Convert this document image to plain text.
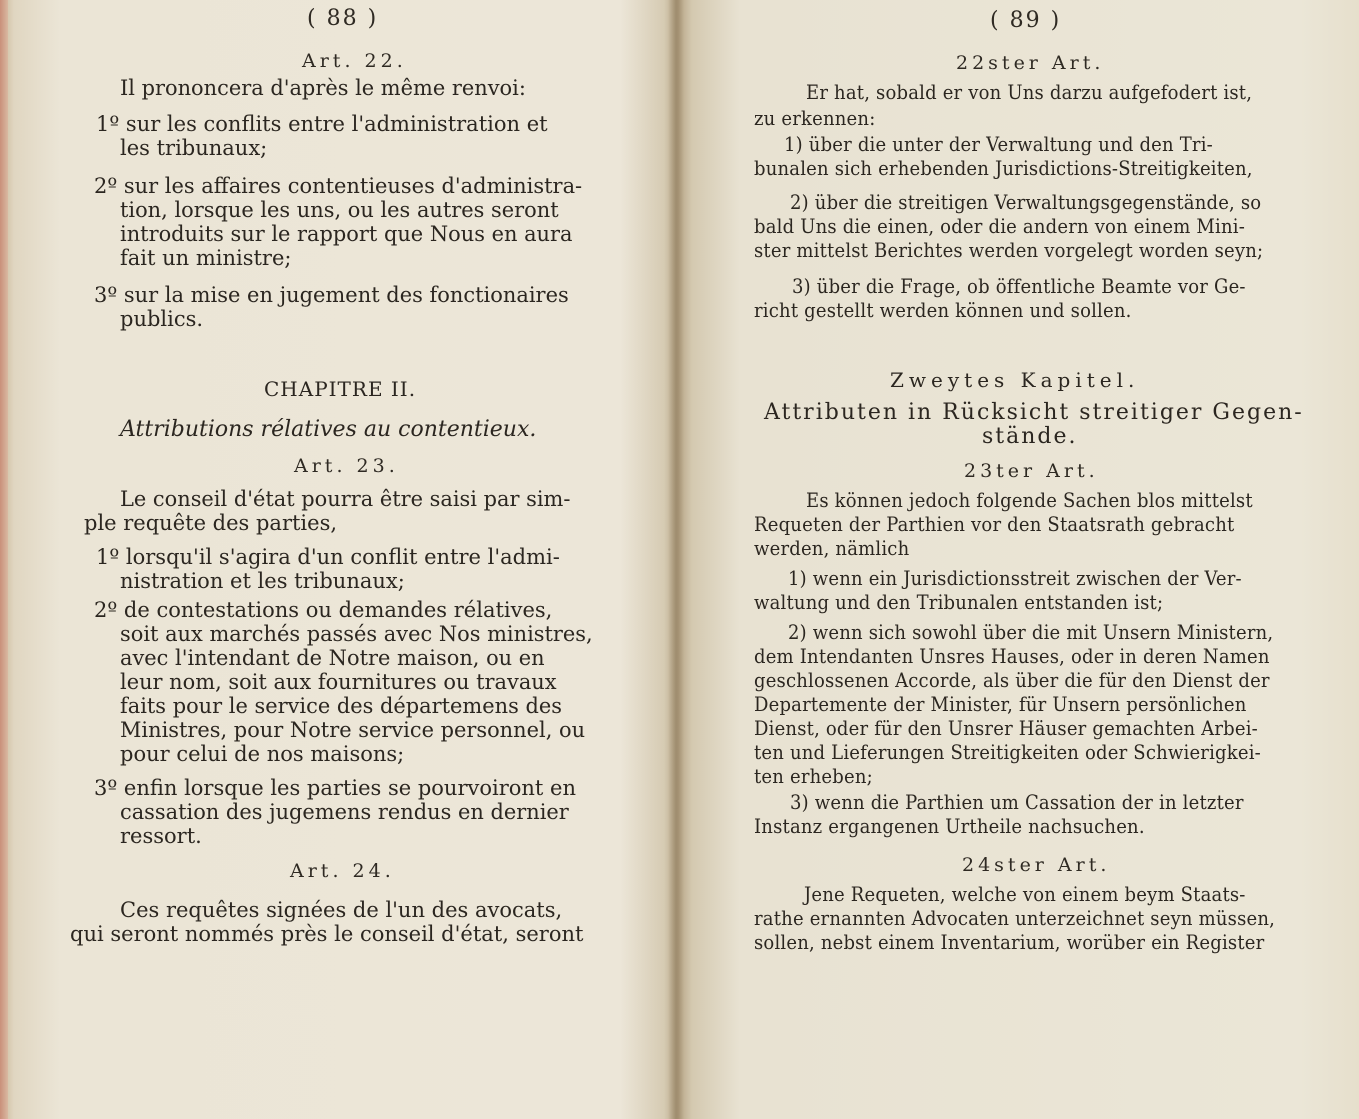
( 88 )
Art. 22.
Il prononcera d'après le même renvoi:
1º sur les conflits entre l'administration et
les tribunaux;
2º sur les affaires contentieuses d'administra-
tion, lorsque les uns, ou les autres seront
introduits sur le rapport que Nous en aura
fait un ministre;
3º sur la mise en jugement des fonctionaires
publics.
CHAPITRE II.
Attributions rélatives au contentieux.
Art. 23.
Le conseil d'état pourra être saisi par sim-
ple requête des parties,
1º lorsqu'il s'agira d'un conflit entre l'admi-
nistration et les tribunaux;
2º de contestations ou demandes rélatives,
soit aux marchés passés avec Nos ministres,
avec l'intendant de Notre maison, ou en
leur nom, soit aux fournitures ou travaux
faits pour le service des départemens des
Ministres, pour Notre service personnel, ou
pour celui de nos maisons;
3º enfin lorsque les parties se pourvoiront en
cassation des jugemens rendus en dernier
ressort.
Art. 24.
Ces requêtes signées de l'un des avocats,
qui seront nommés près le conseil d'état, seront
( 89 )
22ster Art.
Er hat, sobald er von Uns darzu aufgefodert ist,
zu erkennen:
1) über die unter der Verwaltung und den Tri-
bunalen sich erhebenden Jurisdictions-Streitigkeiten,
2) über die streitigen Verwaltungsgegenstände, so
bald Uns die einen, oder die andern von einem Mini-
ster mittelst Berichtes werden vorgelegt worden seyn;
3) über die Frage, ob öffentliche Beamte vor Ge-
richt gestellt werden können und sollen.
Zweytes Kapitel.
Attributen in Rücksicht streitiger Gegen-
stände.
23ter Art.
Es können jedoch folgende Sachen blos mittelst
Requeten der Parthien vor den Staatsrath gebracht
werden, nämlich
1) wenn ein Jurisdictionsstreit zwischen der Ver-
waltung und den Tribunalen entstanden ist;
2) wenn sich sowohl über die mit Unsern Ministern,
dem Intendanten Unsres Hauses, oder in deren Namen
geschlossenen Accorde, als über die für den Dienst der
Departemente der Minister, für Unsern persönlichen
Dienst, oder für den Unsrer Häuser gemachten Arbei-
ten und Lieferungen Streitigkeiten oder Schwierigkei-
ten erheben;
3) wenn die Parthien um Cassation der in letzter
Instanz ergangenen Urtheile nachsuchen.
24ster Art.
Jene Requeten, welche von einem beym Staats-
rathe ernannten Advocaten unterzeichnet seyn müssen,
sollen, nebst einem Inventarium, worüber ein Register
